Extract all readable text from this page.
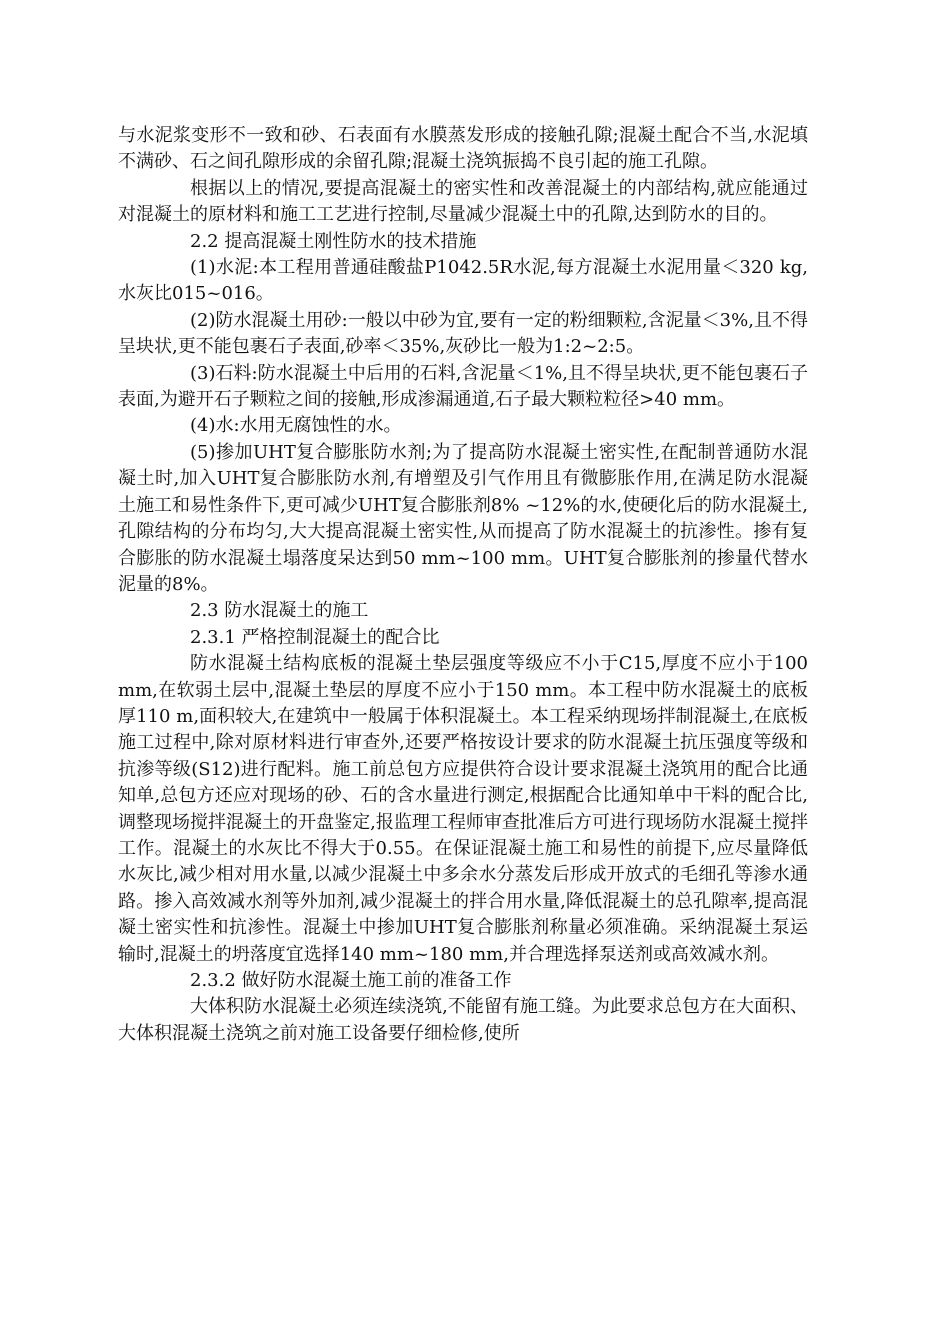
与水泥浆变形不一致和砂、石表面有水膜蒸发形成的接触孔隙;混凝土配合不当,水泥填不满砂、石之间孔隙形成的余留孔隙;混凝土浇筑振捣不良引起的施工孔隙。

根据以上的情况,要提高混凝土的密实性和改善混凝土的内部结构,就应能通过对混凝土的原材料和施工工艺进行控制,尽量减少混凝土中的孔隙,达到防水的目的。

2.2 提高混凝土刚性防水的技术措施

(1)水泥:本工程用普通硅酸盐P1042.5R水泥,每方混凝土水泥用量＜320 kg,水灰比015~016。

(2)防水混凝土用砂:一般以中砂为宜,要有一定的粉细颗粒,含泥量＜3%,且不得呈块状,更不能包裹石子表面,砂率＜35%,灰砂比一般为1:2~2:5。

(3)石料:防水混凝土中后用的石料,含泥量＜1%,且不得呈块状,更不能包裹石子表面,为避开石子颗粒之间的接触,形成渗漏通道,石子最大颗粒粒径>40 mm。

(4)水:水用无腐蚀性的水。

(5)掺加UHT复合膨胀防水剂;为了提高防水混凝土密实性,在配制普通防水混凝土时,加入UHT复合膨胀防水剂,有增塑及引气作用且有微膨胀作用,在满足防水混凝土施工和易性条件下,更可减少UHT复合膨胀剂8% ~12%的水,使硬化后的防水混凝土,孔隙结构的分布均匀,大大提高混凝土密实性,从而提高了防水混凝土的抗渗性。掺有复合膨胀的防水混凝土塌落度呆达到50 mm~100 mm。UHT复合膨胀剂的掺量代替水泥量的8%。

2.3 防水混凝土的施工

2.3.1 严格控制混凝土的配合比

防水混凝土结构底板的混凝土垫层强度等级应不小于C15,厚度不应小于100 mm,在软弱土层中,混凝土垫层的厚度不应小于150 mm。本工程中防水混凝土的底板厚110 m,面积较大,在建筑中一般属于体积混凝土。本工程采纳现场拌制混凝土,在底板施工过程中,除对原材料进行审查外,还要严格按设计要求的防水混凝土抗压强度等级和抗渗等级(S12)进行配料。施工前总包方应提供符合设计要求混凝土浇筑用的配合比通知单,总包方还应对现场的砂、石的含水量进行测定,根据配合比通知单中干料的配合比,调整现场搅拌混凝土的开盘鉴定,报监理工程师审查批准后方可进行现场防水混凝土搅拌工作。混凝土的水灰比不得大于0.55。在保证混凝土施工和易性的前提下,应尽量降低水灰比,减少相对用水量,以减少混凝土中多余水分蒸发后形成开放式的毛细孔等渗水通路。掺入高效减水剂等外加剂,减少混凝土的拌合用水量,降低混凝土的总孔隙率,提高混凝土密实性和抗渗性。混凝土中掺加UHT复合膨胀剂称量必须准确。采纳混凝土泵运输时,混凝土的坍落度宜选择140 mm~180 mm,并合理选择泵送剂或高效减水剂。

2.3.2 做好防水混凝土施工前的准备工作

大体积防水混凝土必须连续浇筑,不能留有施工缝。为此要求总包方在大面积、大体积混凝土浇筑之前对施工设备要仔细检修,使所
